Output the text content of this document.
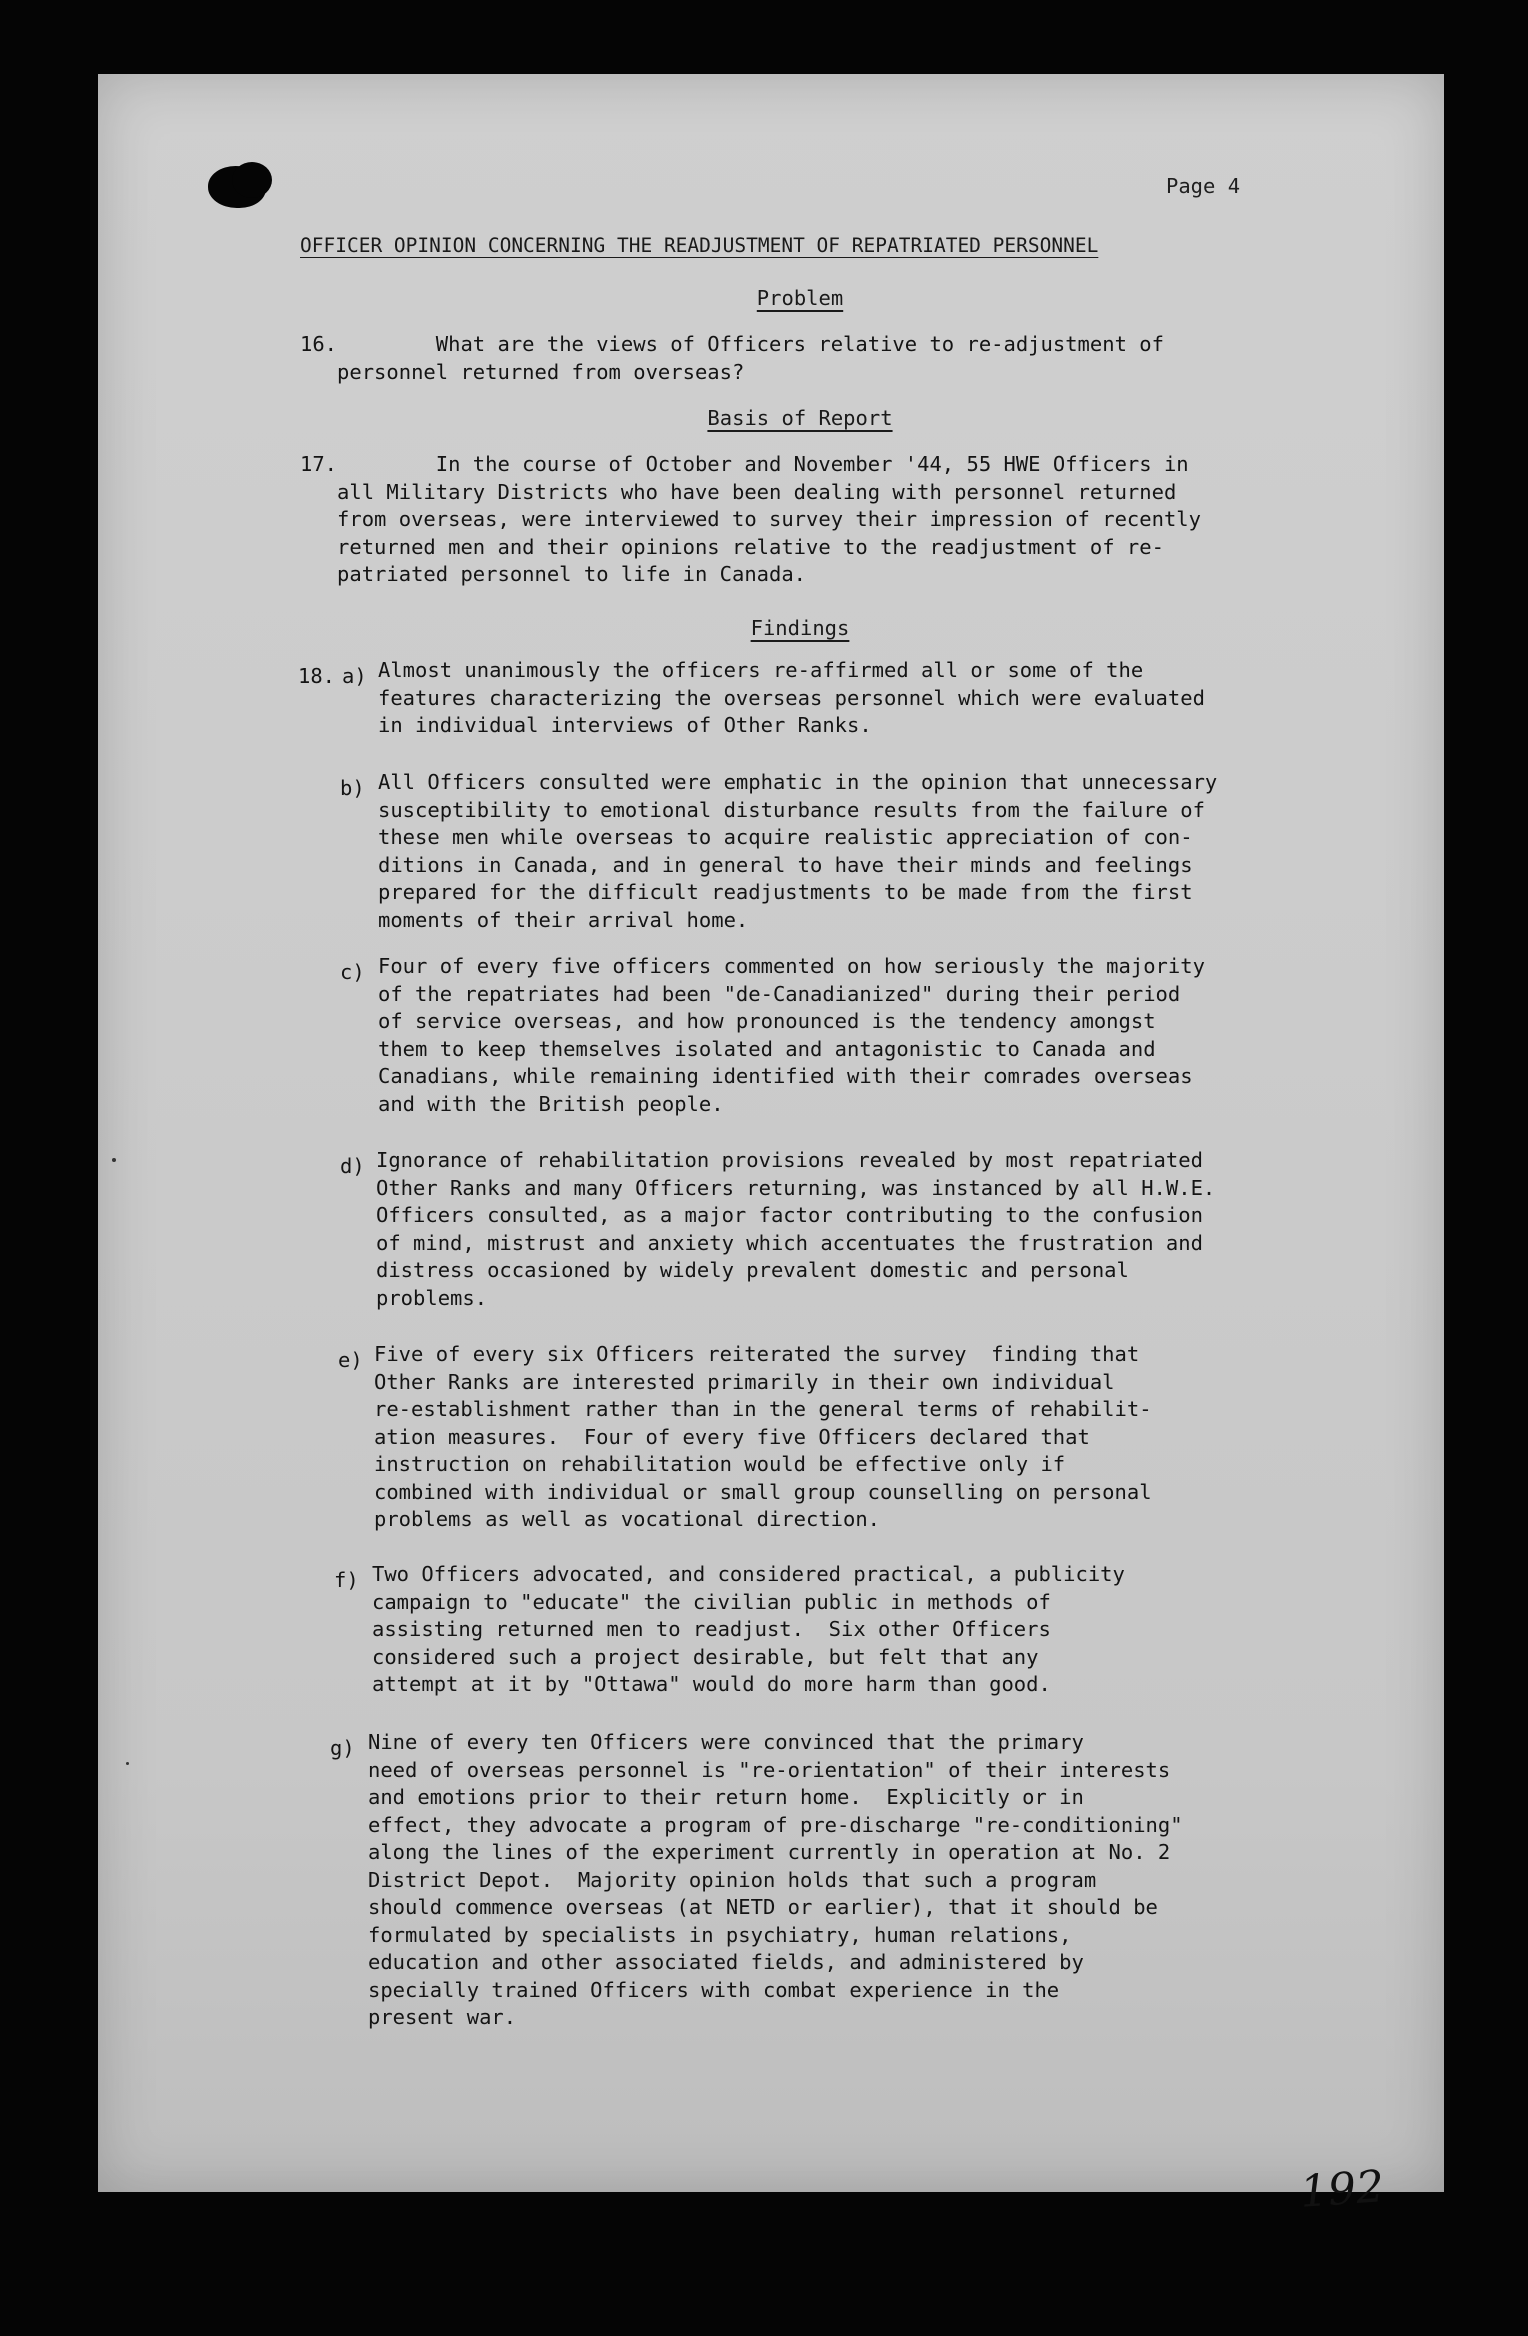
Page 4
OFFICER OPINION CONCERNING THE READJUSTMENT OF REPATRIATED PERSONNEL
Problem
16.	What are the views of Officers relative to re-adjustment of
personnel returned from overseas?
Basis of Report
17.	In the course of October and November '44, 55 HWE Officers in
all Military Districts who have been dealing with personnel returned
from overseas, were interviewed to survey their impression of recently
returned men and their opinions relative to the readjustment of re-
patriated personnel to life in Canada.
Findings
18. a) Almost unanimously the officers re-affirmed all or some of the
features characterizing the overseas personnel which were evaluated
in individual interviews of Other Ranks.
b) All Officers consulted were emphatic in the opinion that unnecessary
susceptibility to emotional disturbance results from the failure of
these men while overseas to acquire realistic appreciation of con-
ditions in Canada, and in general to have their minds and feelings
prepared for the difficult readjustments to be made from the first
moments of their arrival home.
c) Four of every five officers commented on how seriously the majority
of the repatriates had been "de-Canadianized" during their period
of service overseas, and how pronounced is the tendency amongst
them to keep themselves isolated and antagonistic to Canada and
Canadians, while remaining identified with their comrades overseas
and with the British people.
d) Ignorance of rehabilitation provisions revealed by most repatriated
Other Ranks and many Officers returning, was instanced by all H.W.E.
Officers consulted, as a major factor contributing to the confusion
of mind, mistrust and anxiety which accentuates the frustration and
distress occasioned by widely prevalent domestic and personal
problems.
e) Five of every six Officers reiterated the survey  finding that
Other Ranks are interested primarily in their own individual
re-establishment rather than in the general terms of rehabilit-
ation measures.  Four of every five Officers declared that
instruction on rehabilitation would be effective only if
combined with individual or small group counselling on personal
problems as well as vocational direction.
f) Two Officers advocated, and considered practical, a publicity
campaign to "educate" the civilian public in methods of
assisting returned men to readjust.  Six other Officers
considered such a project desirable, but felt that any
attempt at it by "Ottawa" would do more harm than good.
g) Nine of every ten Officers were convinced that the primary
need of overseas personnel is "re-orientation" of their interests
and emotions prior to their return home.  Explicitly or in
effect, they advocate a program of pre-discharge "re-conditioning"
along the lines of the experiment currently in operation at No. 2
District Depot.  Majority opinion holds that such a program
should commence overseas (at NETD or earlier), that it should be
formulated by specialists in psychiatry, human relations,
education and other associated fields, and administered by
specially trained Officers with combat experience in the
present war.
192
